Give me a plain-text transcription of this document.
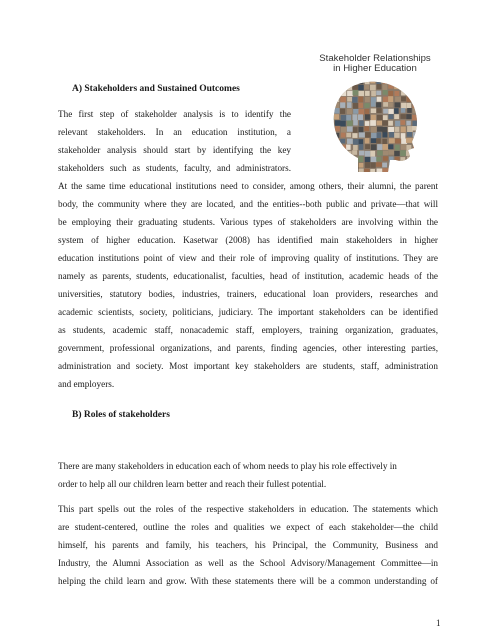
Stakeholder Relationships
in Higher Education
A) Stakeholders and Sustained Outcomes
The first step of stakeholder analysis is to identify the
relevant stakeholders. In an education institution, a
stakeholder analysis should start by identifying the key
stakeholders such as students, faculty, and administrators.
At the same time educational institutions need to consider, among others, their alumni, the parent
body, the community where they are located, and the entities--both public and private—that will
be employing their graduating students. Various types of stakeholders are involving within the
system of higher education. Kasetwar (2008) has identified main stakeholders in higher
education institutions point of view and their role of improving quality of institutions. They are
namely as parents, students, educationalist, faculties, head of institution, academic heads of the
universities, statutory bodies, industries, trainers, educational loan providers, researches and
academic scientists, society, politicians, judiciary. The important stakeholders can be identified
as students, academic staff, nonacademic staff, employers, training organization, graduates,
government, professional organizations, and parents, finding agencies, other interesting parties,
administration and society. Most important key stakeholders are students, staff, administration
and employers.
B) Roles of stakeholders
There are many stakeholders in education each of whom needs to play his role effectively in
order to help all our children learn better and reach their fullest potential.
This part spells out the roles of the respective stakeholders in education. The statements which
are student-centered, outline the roles and qualities we expect of each stakeholder—the child
himself, his parents and family, his teachers, his Principal, the Community, Business and
Industry, the Alumni Association as well as the School Advisory/Management Committee—in
helping the child learn and grow. With these statements there will be a common understanding of
1
